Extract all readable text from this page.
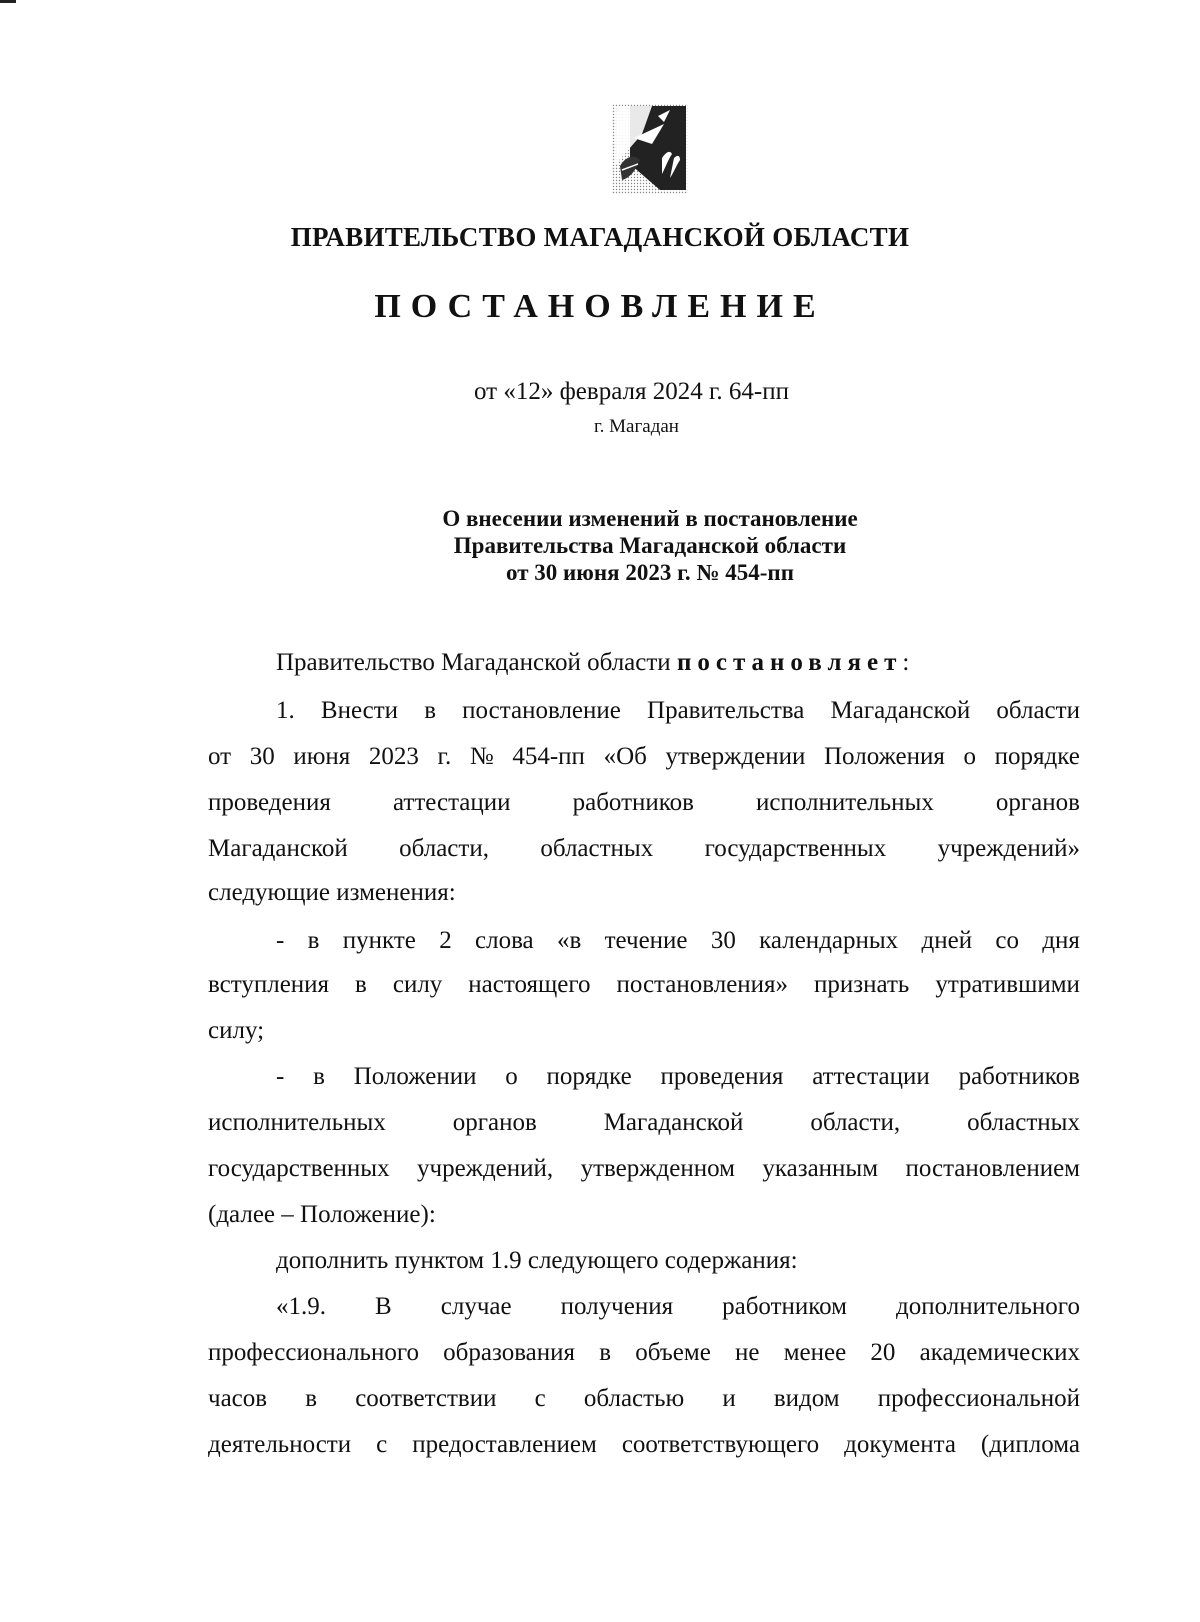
ПРАВИТЕЛЬСТВО МАГАДАНСКОЙ ОБЛАСТИ
ПОСТАНОВЛЕНИЕ
от «12» февраля 2024 г. 64-пп
г. Магадан
О внесении изменений в постановление
Правительства Магаданской области
от 30 июня 2023 г. № 454-пп
Правительство Магаданской области постановляет:
1. Внести в постановление Правительства Магаданской области
от 30 июня 2023 г. № 454-пп «Об утверждении Положения о порядке
проведения аттестации работников исполнительных органов
Магаданской области, областных государственных учреждений»
следующие изменения:
- в пункте 2 слова «в течение 30 календарных дней со дня
вступления в силу настоящего постановления» признать утратившими
силу;
- в Положении о порядке проведения аттестации работников
исполнительных	органов	Магаданской	области,	областных
государственных учреждений, утвержденном указанным постановлением
(далее – Положение):
дополнить пунктом 1.9 следующего содержания:
«1.9. В случае получения работником дополнительного
профессионального образования в объеме не менее 20 академических
часов в соответствии с областью и видом профессиональной
деятельности с предоставлением соответствующего документа (диплома
